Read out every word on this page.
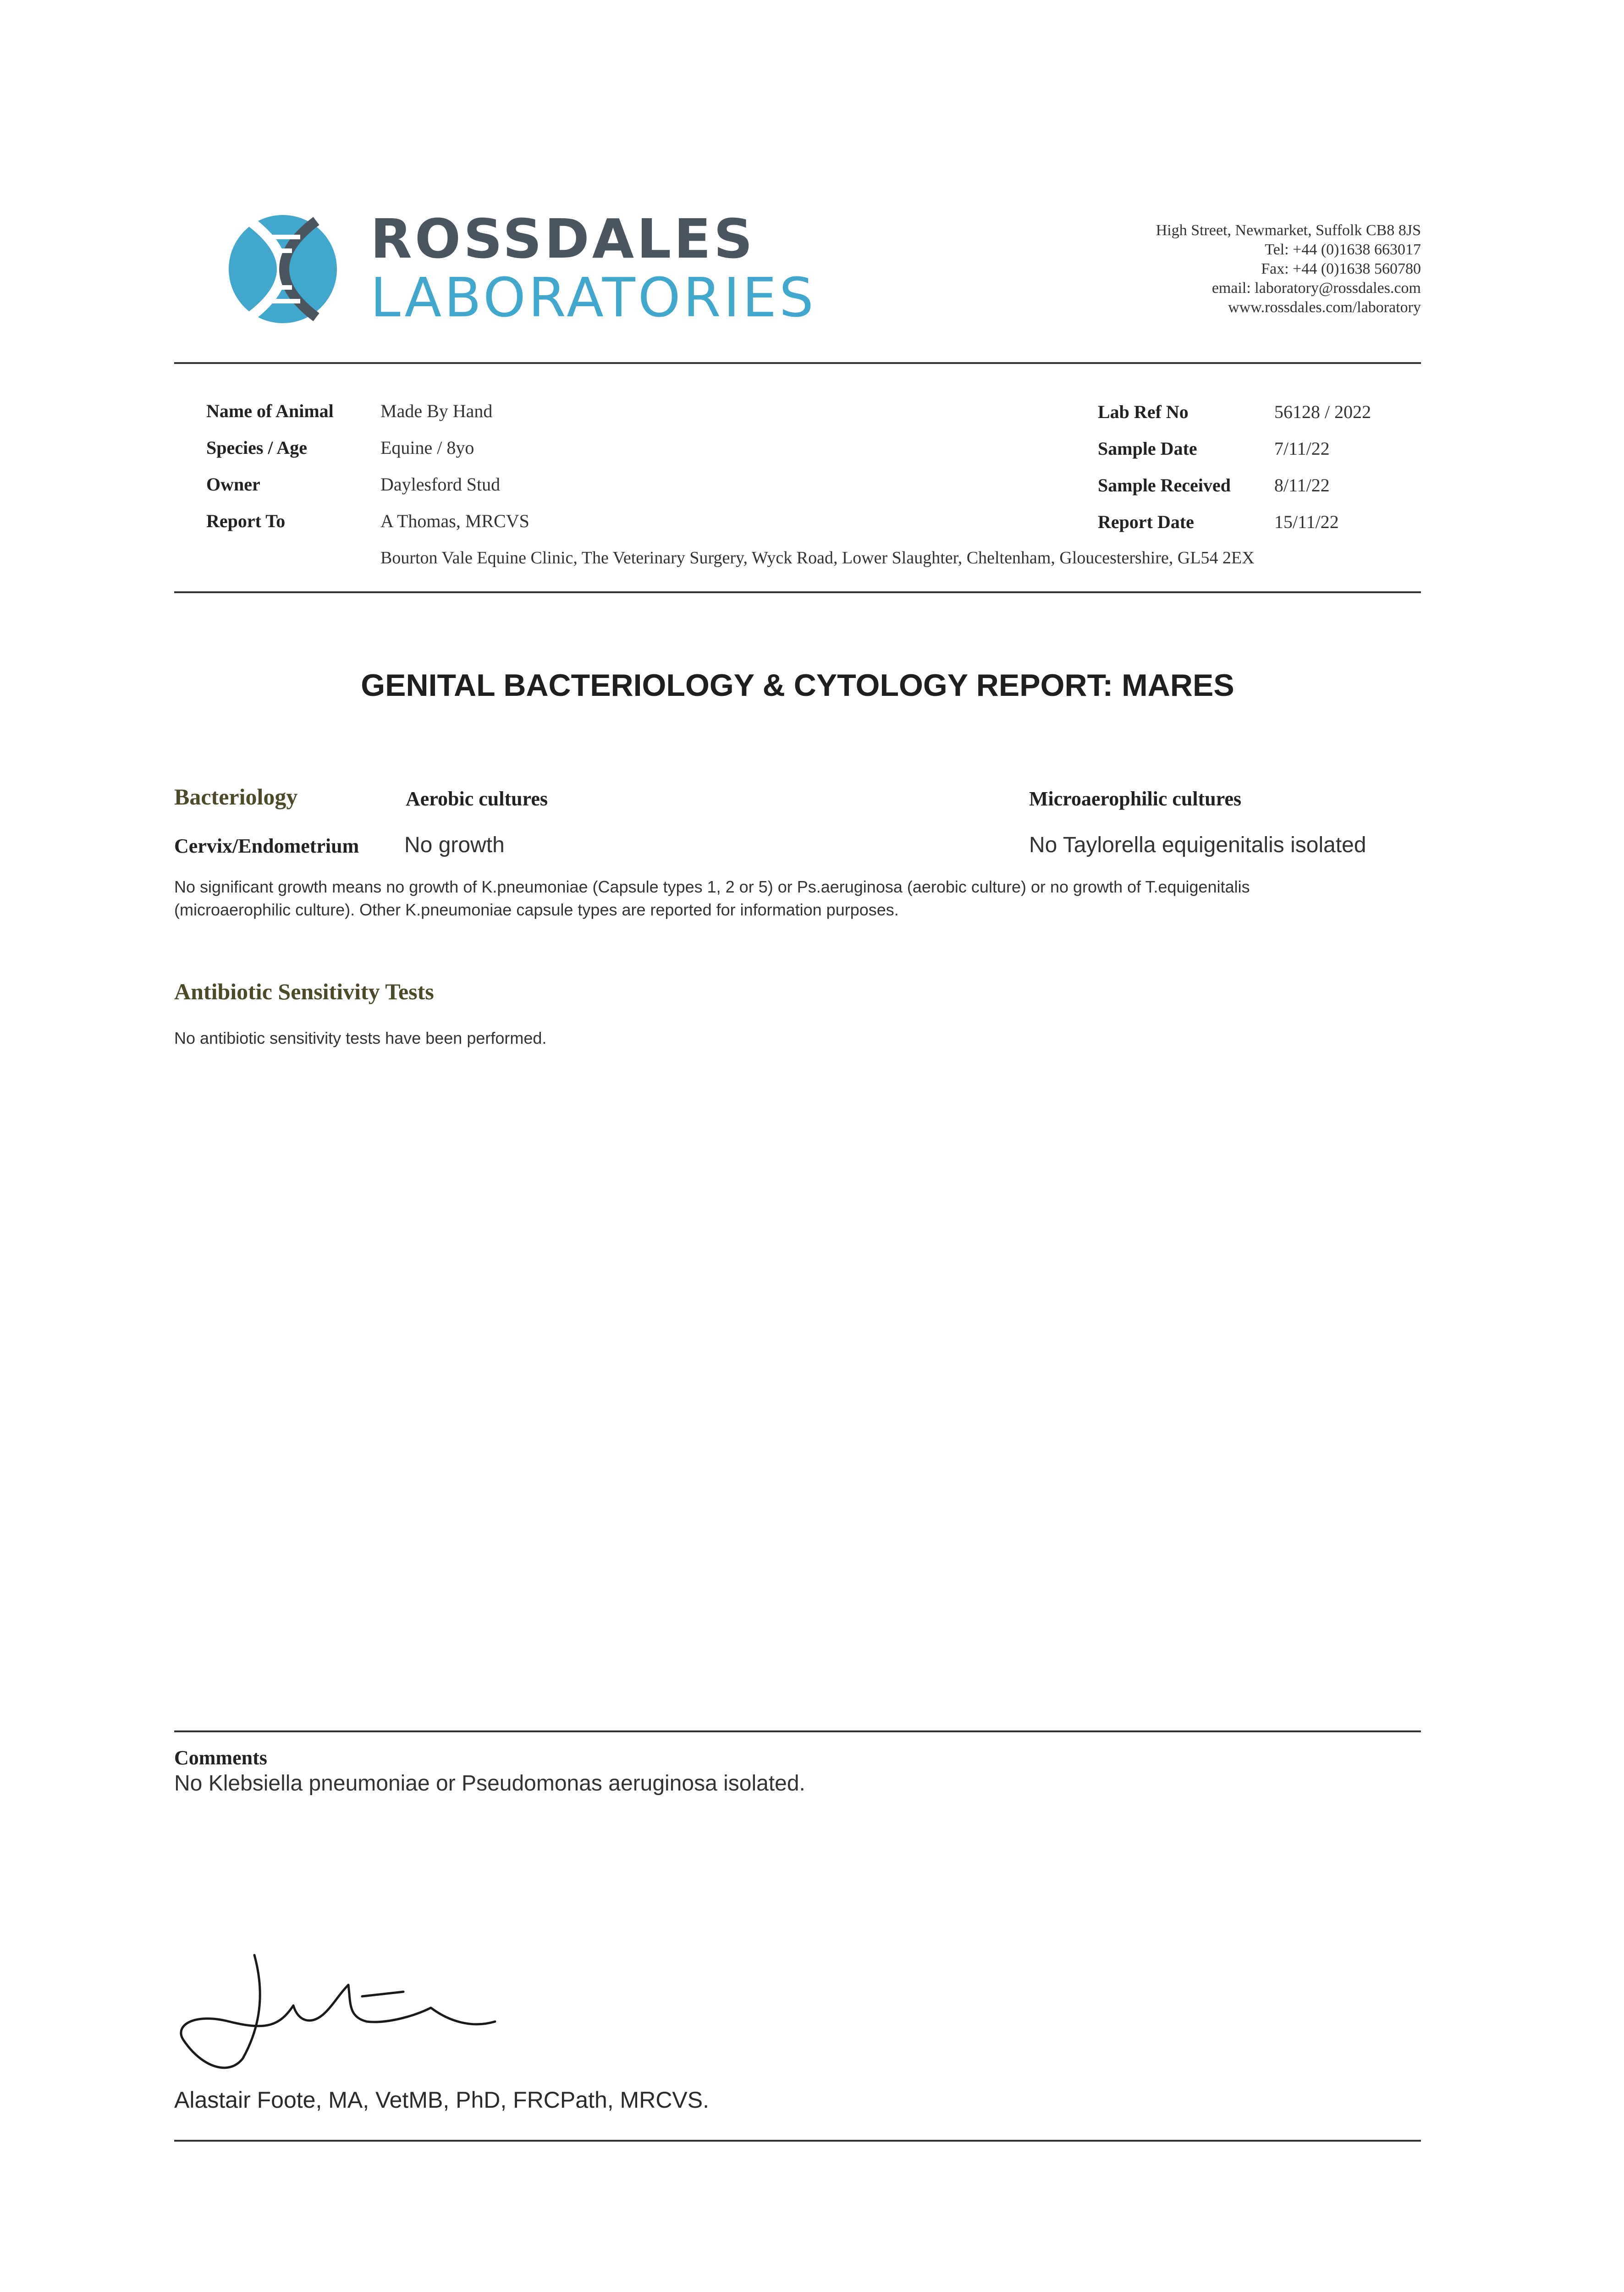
ROSSDALES
LABORATORIES
High Street, Newmarket, Suffolk CB8 8JS
Tel: +44 (0)1638 663017
Fax: +44 (0)1638 560780
email: laboratory@rossdales.com
www.rossdales.com/laboratory
Name of Animal	Made By Hand
Species / Age	Equine / 8yo
Owner	Daylesford Stud
Report To	A Thomas, MRCVS
Lab Ref No	56128 / 2022
Sample Date	7/11/22
Sample Received 8/11/22
Report Date	15/11/22
Bourton Vale Equine Clinic, The Veterinary Surgery, Wyck Road, Lower Slaughter, Cheltenham, Gloucestershire, GL54 2EX
GENITAL BACTERIOLOGY & CYTOLOGY REPORT: MARES
Bacteriology	Aerobic cultures	Microaerophilic cultures
Cervix/Endometrium No growth	No Taylorella equigenitalis isolated
No significant growth means no growth of K.pneumoniae (Capsule types 1, 2 or 5) or Ps.aeruginosa (aerobic culture) or no growth of T.equigenitalis
(microaerophilic culture). Other K.pneumoniae capsule types are reported for information purposes.
Antibiotic Sensitivity Tests
No antibiotic sensitivity tests have been performed.
Comments
No Klebsiella pneumoniae or Pseudomonas aeruginosa isolated.
Alastair Foote, MA, VetMB, PhD, FRCPath, MRCVS.
